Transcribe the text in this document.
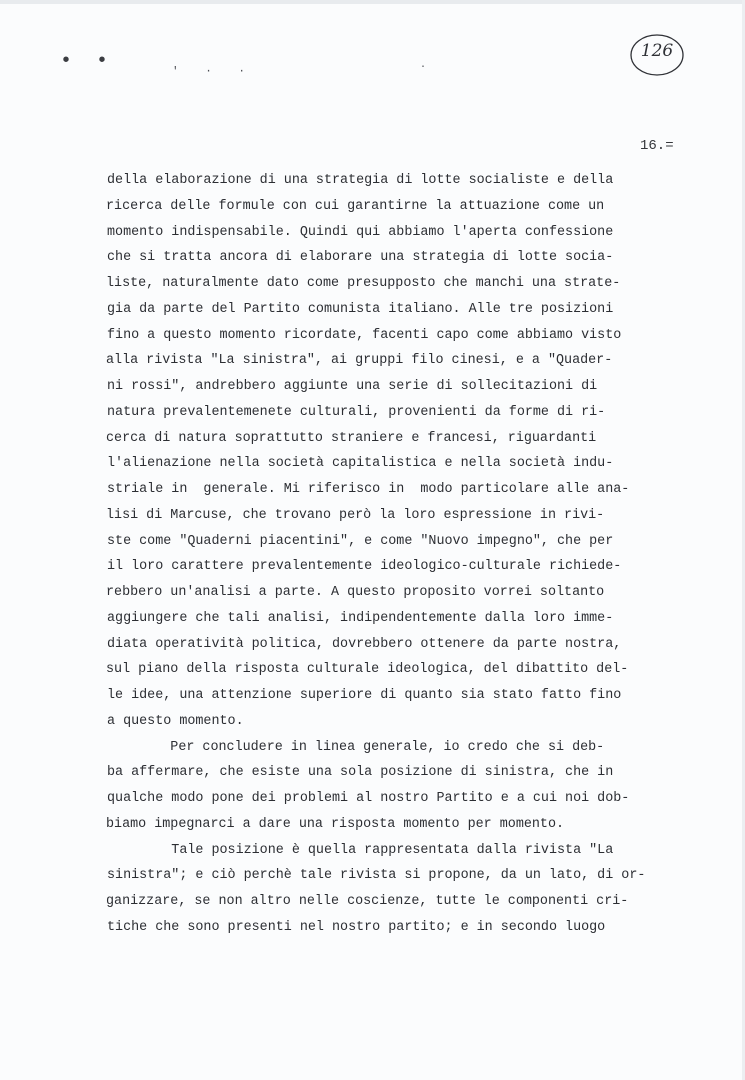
• •	' · ·	·
126
16.=
della elaborazione di una strategia di lotte socialiste e della
ricerca delle formule con cui garantirne la attuazione come un
momento indispensabile. Quindi qui abbiamo l'aperta confessione
che si tratta ancora di elaborare una strategia di lotte socia-
liste, naturalmente dato come presupposto che manchi una strate-
gia da parte del Partito comunista italiano. Alle tre posizioni
fino a questo momento ricordate, facenti capo come abbiamo visto
alla rivista "La sinistra", ai gruppi filo cinesi, e a "Quader-
ni rossi", andrebbero aggiunte una serie di sollecitazioni di
natura prevalentemenete culturali, provenienti da forme di ri-
cerca di natura soprattutto straniere e francesi, riguardanti
l'alienazione nella società capitalistica e nella società indu-
striale in  generale. Mi riferisco in  modo particolare alle ana-
lisi di Marcuse, che trovano però la loro espressione in rivi-
ste come "Quaderni piacentini", e come "Nuovo impegno", che per
il loro carattere prevalentemente ideologico-culturale richiede-
rebbero un'analisi a parte. A questo proposito vorrei soltanto
aggiungere che tali analisi, indipendentemente dalla loro imme-
diata operatività politica, dovrebbero ottenere da parte nostra,
sul piano della risposta culturale ideologica, del dibattito del-
le idee, una attenzione superiore di quanto sia stato fatto fino
a questo momento.
Per concludere in linea generale, io credo che si deb-
ba affermare, che esiste una sola posizione di sinistra, che in
qualche modo pone dei problemi al nostro Partito e a cui noi dob-
biamo impegnarci a dare una risposta momento per momento.
Tale posizione è quella rappresentata dalla rivista "La
sinistra"; e ciò perchè tale rivista si propone, da un lato, di or-
ganizzare, se non altro nelle coscienze, tutte le componenti cri-
tiche che sono presenti nel nostro partito; e in secondo luogo
